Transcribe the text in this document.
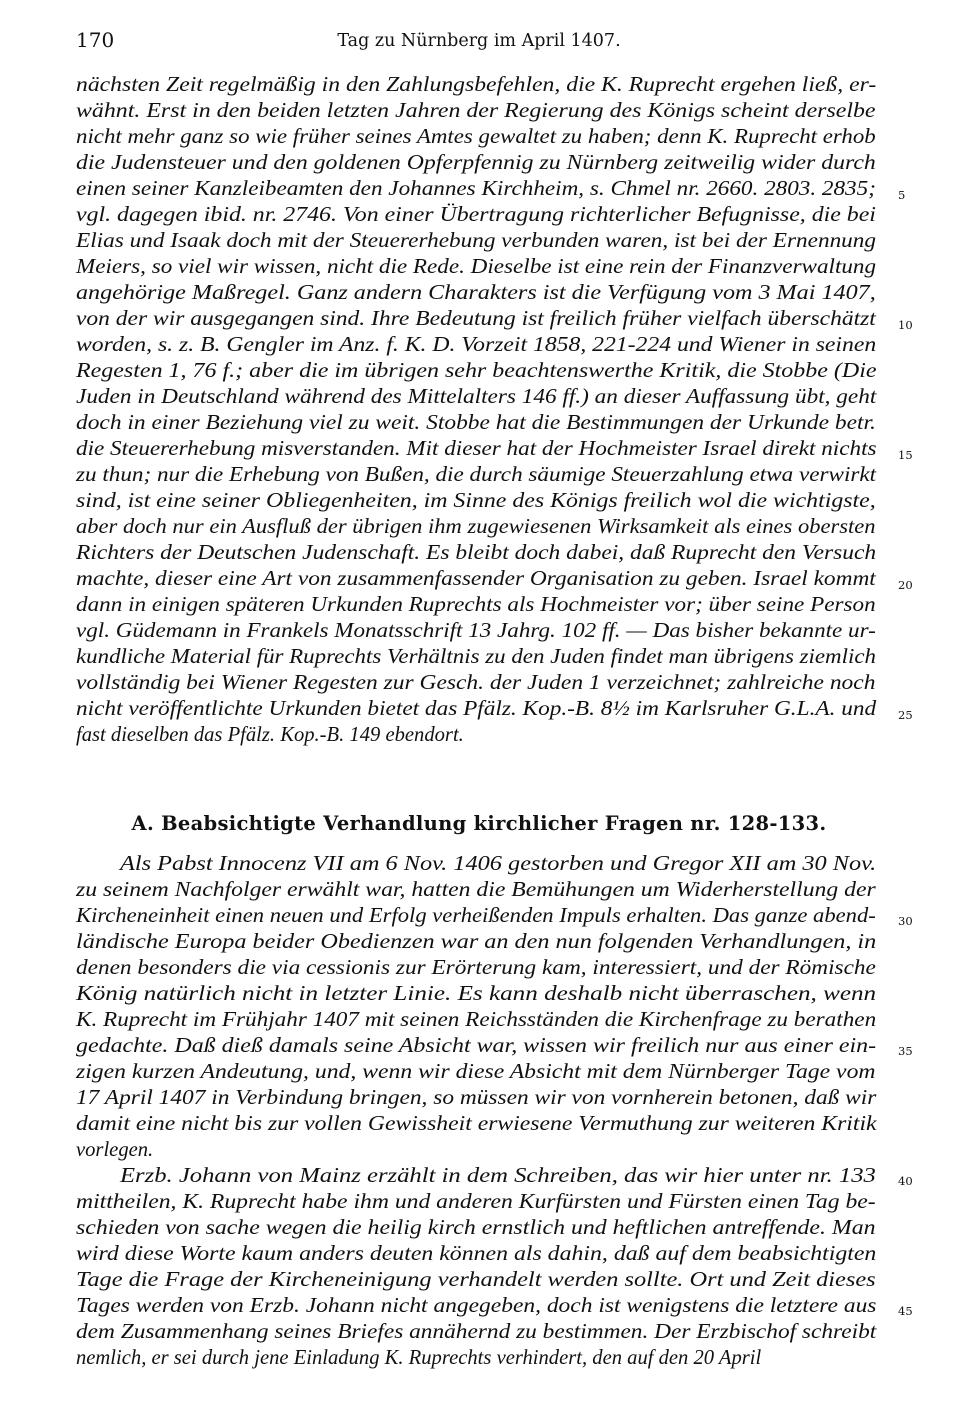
170	Tag zu Nürnberg im April 1407.
nächsten Zeit regelmäßig in den Zahlungsbefehlen, die K. Ruprecht ergehen ließ, er-
wähnt. Erst in den beiden letzten Jahren der Regierung des Königs scheint derselbe
nicht mehr ganz so wie früher seines Amtes gewaltet zu haben; denn K. Ruprecht erhob
die Judensteuer und den goldenen Opferpfennig zu Nürnberg zeitweilig wider durch
einen seiner Kanzleibeamten den Johannes Kirchheim, s. Chmel nr. 2660. 2803. 2835;
vgl. dagegen ibid. nr. 2746. Von einer Übertragung richterlicher Befugnisse, die bei
Elias und Isaak doch mit der Steuererhebung verbunden waren, ist bei der Ernennung
Meiers, so viel wir wissen, nicht die Rede. Dieselbe ist eine rein der Finanzverwaltung
angehörige Maßregel. Ganz andern Charakters ist die Verfügung vom 3 Mai 1407,
von der wir ausgegangen sind. Ihre Bedeutung ist freilich früher vielfach überschätzt
worden, s. z. B. Gengler im Anz. f. K. D. Vorzeit 1858, 221-224 und Wiener in seinen
Regesten 1, 76 f.; aber die im übrigen sehr beachtenswerthe Kritik, die Stobbe (Die
Juden in Deutschland während des Mittelalters 146 ff.) an dieser Auffassung übt, geht
doch in einer Beziehung viel zu weit. Stobbe hat die Bestimmungen der Urkunde betr.
die Steuererhebung misverstanden. Mit dieser hat der Hochmeister Israel direkt nichts
zu thun; nur die Erhebung von Bußen, die durch säumige Steuerzahlung etwa verwirkt
sind, ist eine seiner Obliegenheiten, im Sinne des Königs freilich wol die wichtigste,
aber doch nur ein Ausfluß der übrigen ihm zugewiesenen Wirksamkeit als eines obersten
Richters der Deutschen Judenschaft. Es bleibt doch dabei, daß Ruprecht den Versuch
machte, dieser eine Art von zusammenfassender Organisation zu geben. Israel kommt
dann in einigen späteren Urkunden Ruprechts als Hochmeister vor; über seine Person
vgl. Güdemann in Frankels Monatsschrift 13 Jahrg. 102 ff. — Das bisher bekannte ur-
kundliche Material für Ruprechts Verhältnis zu den Juden findet man übrigens ziemlich
vollständig bei Wiener Regesten zur Gesch. der Juden 1 verzeichnet; zahlreiche noch
nicht veröffentlichte Urkunden bietet das Pfälz. Kop.-B. 8½ im Karlsruher G.L.A. und
fast dieselben das Pfälz. Kop.-B. 149 ebendort.
5
10
15
20
25
A. Beabsichtigte Verhandlung kirchlicher Fragen nr. 128-133.
Als Pabst Innocenz VII am 6 Nov. 1406 gestorben und Gregor XII am 30 Nov.
zu seinem Nachfolger erwählt war, hatten die Bemühungen um Widerherstellung der
Kircheneinheit einen neuen und Erfolg verheißenden Impuls erhalten. Das ganze abend-
ländische Europa beider Obedienzen war an den nun folgenden Verhandlungen, in
denen besonders die via cessionis zur Erörterung kam, interessiert, und der Römische
König natürlich nicht in letzter Linie. Es kann deshalb nicht überraschen, wenn
K. Ruprecht im Frühjahr 1407 mit seinen Reichsständen die Kirchenfrage zu berathen
gedachte. Daß dieß damals seine Absicht war, wissen wir freilich nur aus einer ein-
zigen kurzen Andeutung, und, wenn wir diese Absicht mit dem Nürnberger Tage vom
17 April 1407 in Verbindung bringen, so müssen wir von vornherein betonen, daß wir
damit eine nicht bis zur vollen Gewissheit erwiesene Vermuthung zur weiteren Kritik
vorlegen.
Erzb. Johann von Mainz erzählt in dem Schreiben, das wir hier unter nr. 133
mittheilen, K. Ruprecht habe ihm und anderen Kurfürsten und Fürsten einen Tag be-
schieden von sache wegen die heilig kirch ernstlich und heftlichen antreffende. Man
wird diese Worte kaum anders deuten können als dahin, daß auf dem beabsichtigten
Tage die Frage der Kircheneinigung verhandelt werden sollte. Ort und Zeit dieses
Tages werden von Erzb. Johann nicht angegeben, doch ist wenigstens die letztere aus
dem Zusammenhang seines Briefes annähernd zu bestimmen. Der Erzbischof schreibt
nemlich, er sei durch jene Einladung K. Ruprechts verhindert, den auf den 20 April
30
35
40
45
